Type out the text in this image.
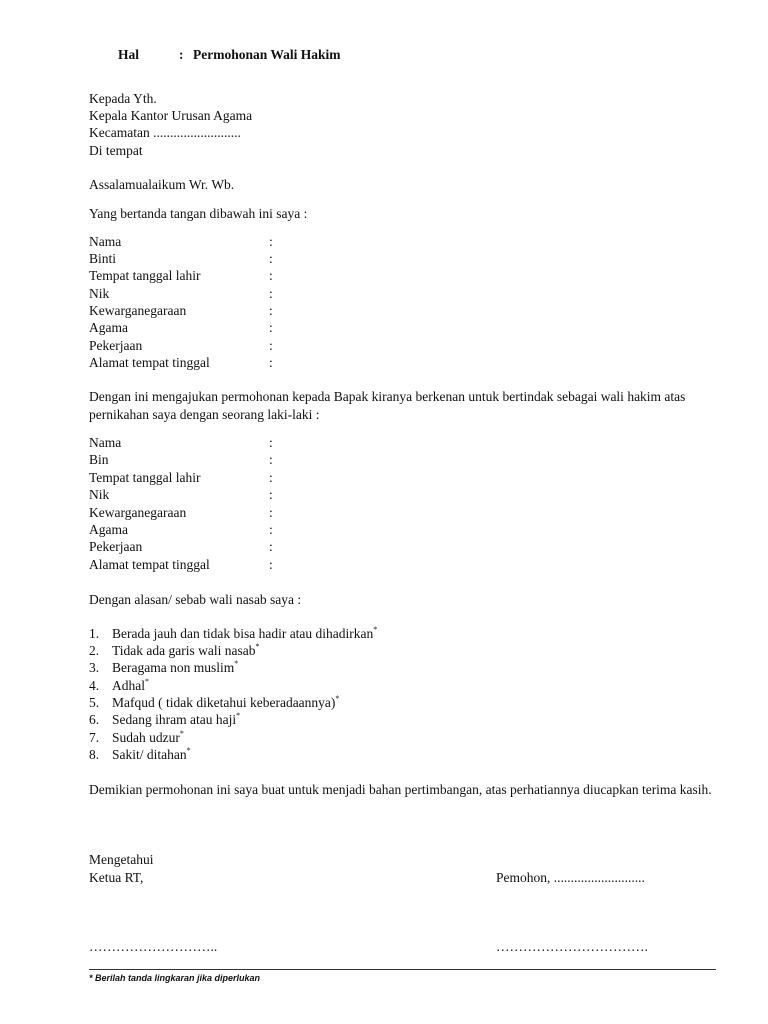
Hal	: Permohonan Wali Hakim
Kepada Yth.
Kepala Kantor Urusan Agama
Kecamatan ..........................
Di tempat
Assalamualaikum Wr. Wb.
Yang bertanda tangan dibawah ini saya :
Nama	:
Binti	:
Tempat tanggal lahir	:
Nik	:
Kewarganegaraan	:
Agama	:
Pekerjaan	:
Alamat tempat tinggal	:
Dengan ini mengajukan permohonan kepada Bapak kiranya berkenan untuk bertindak sebagai wali hakim atas pernikahan saya dengan seorang laki-laki :
Nama	:
Bin	:
Tempat tanggal lahir	:
Nik	:
Kewarganegaraan	:
Agama	:
Pekerjaan	:
Alamat tempat tinggal	:
Dengan alasan/ sebab wali nasab saya :
1. Berada jauh dan tidak bisa hadir atau dihadirkan*
2. Tidak ada garis wali nasab*
3. Beragama non muslim*
4. Adhal*
5. Mafqud ( tidak diketahui keberadaannya)*
6. Sedang ihram atau haji*
7. Sudah udzur*
8. Sakit/ ditahan*
Demikian permohonan ini saya buat untuk menjadi bahan pertimbangan, atas perhatiannya diucapkan terima kasih.
Mengetahui
Ketua RT,	Pemohon, ...........................
………………………..	…………………………….
* Berilah tanda lingkaran jika diperlukan
